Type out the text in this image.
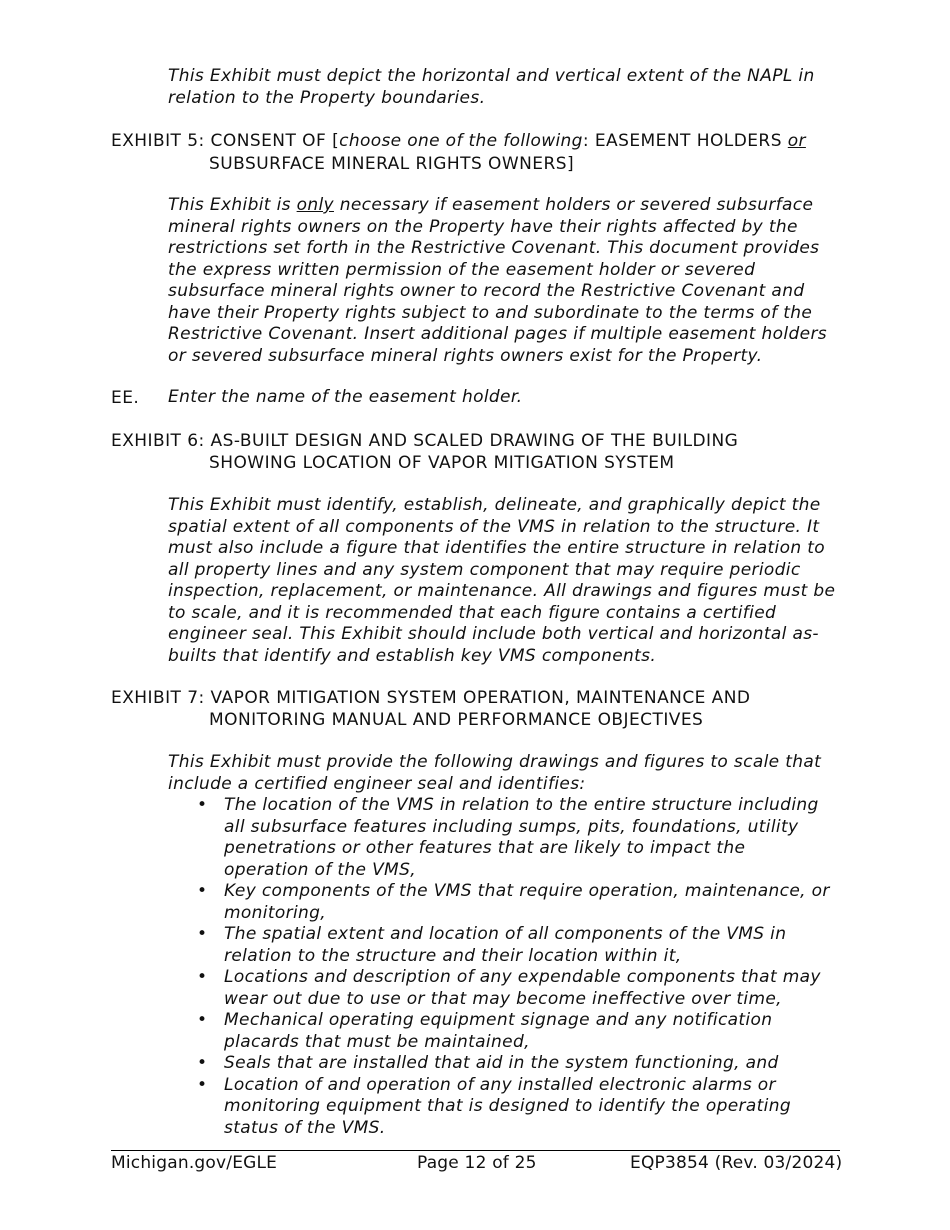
This Exhibit must depict the horizontal and vertical extent of the NAPL in relation to the Property boundaries.
EXHIBIT 5: CONSENT OF [choose one of the following: EASEMENT HOLDERS or
SUBSURFACE MINERAL RIGHTS OWNERS]
This Exhibit is only necessary if easement holders or severed subsurface mineral rights owners on the Property have their rights affected by the restrictions set forth in the Restrictive Covenant. This document provides the express written permission of the easement holder or severed subsurface mineral rights owner to record the Restrictive Covenant and have their Property rights subject to and subordinate to the terms of the Restrictive Covenant. Insert additional pages if multiple easement holders or severed subsurface mineral rights owners exist for the Property.
EE. Enter the name of the easement holder.
EXHIBIT 6: AS-BUILT DESIGN AND SCALED DRAWING OF THE BUILDING
SHOWING LOCATION OF VAPOR MITIGATION SYSTEM
This Exhibit must identify, establish, delineate, and graphically depict the spatial extent of all components of the VMS in relation to the structure. It must also include a figure that identifies the entire structure in relation to all property lines and any system component that may require periodic inspection, replacement, or maintenance. All drawings and figures must be to scale, and it is recommended that each figure contains a certified engineer seal. This Exhibit should include both vertical and horizontal as-builts that identify and establish key VMS components.
EXHIBIT 7: VAPOR MITIGATION SYSTEM OPERATION, MAINTENANCE AND
MONITORING MANUAL AND PERFORMANCE OBJECTIVES
This Exhibit must provide the following drawings and figures to scale that include a certified engineer seal and identifies:
• The location of the VMS in relation to the entire structure including all subsurface features including sumps, pits, foundations, utility penetrations or other features that are likely to impact the operation of the VMS,
• Key components of the VMS that require operation, maintenance, or monitoring,
• The spatial extent and location of all components of the VMS in relation to the structure and their location within it,
• Locations and description of any expendable components that may wear out due to use or that may become ineffective over time,
• Mechanical operating equipment signage and any notification placards that must be maintained,
• Seals that are installed that aid in the system functioning, and
• Location of and operation of any installed electronic alarms or monitoring equipment that is designed to identify the operating status of the VMS.
Michigan.gov/EGLE	Page 12 of 25	EQP3854 (Rev. 03/2024)
